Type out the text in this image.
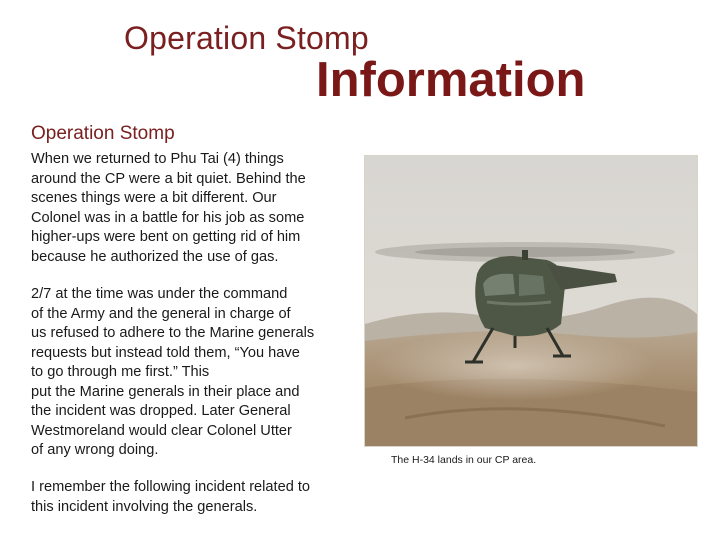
Operation Stomp
Information
Operation Stomp
When we returned to Phu Tai (4) things
around the CP were a bit quiet. Behind the
scenes things were a bit different. Our
Colonel was in a battle for his job as some
higher-ups were bent on getting rid of him
because he authorized the use of gas.
2/7 at the time was under the command
of the Army and the general in charge of
us refused to adhere to the Marine generals
requests but instead told them, “You have
to go through me first.” This
put the Marine generals in their place and
the incident was dropped. Later General
Westmoreland would clear Colonel Utter
of any wrong doing.
I remember the following incident related to
this incident involving the generals.
The H-34 lands in our CP area.
